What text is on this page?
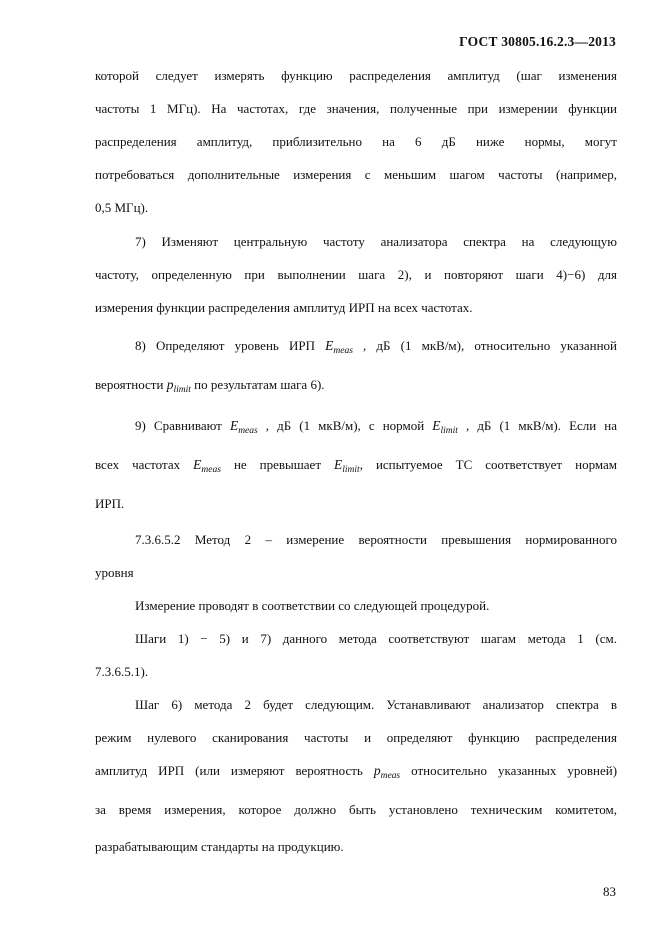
ГОСТ 30805.16.2.3—2013
которой следует измерять функцию распределения амплитуд (шаг изменения
частоты 1 МГц). На частотах, где значения, полученные при измерении функции
распределения амплитуд, приблизительно на 6 дБ ниже нормы, могут
потребоваться дополнительные измерения с меньшим шагом частоты (например,
0,5 МГц).
7) Изменяют центральную частоту анализатора спектра на следующую
частоту, определенную при выполнении шага 2), и повторяют шаги 4)−6) для
измерения функции распределения амплитуд ИРП на всех частотах.
8) Определяют уровень ИРП $E_{meas}$ , дБ (1 мкВ/м), относительно указанной
вероятности $p_{limit}$ по результатам шага 6).
9) Сравнивают $E_{meas}$ , дБ (1 мкВ/м), с нормой $E_{limit}$ , дБ (1 мкВ/м). Если на
всех частотах $E_{meas}$ не превышает $E_{limit}$, испытуемое ТС соответствует нормам
ИРП.
7.3.6.5.2 Метод 2 – измерение вероятности превышения нормированного
уровня
Измерение проводят в соответствии со следующей процедурой.
Шаги 1) − 5) и 7) данного метода соответствуют шагам метода 1 (см.
7.3.6.5.1).
Шаг 6) метода 2 будет следующим. Устанавливают анализатор спектра в
режим нулевого сканирования частоты и определяют функцию распределения
амплитуд ИРП (или измеряют вероятность $p_{meas}$ относительно указанных уровней)
за время измерения, которое должно быть установлено техническим комитетом,
разрабатывающим стандарты на продукцию.
83
